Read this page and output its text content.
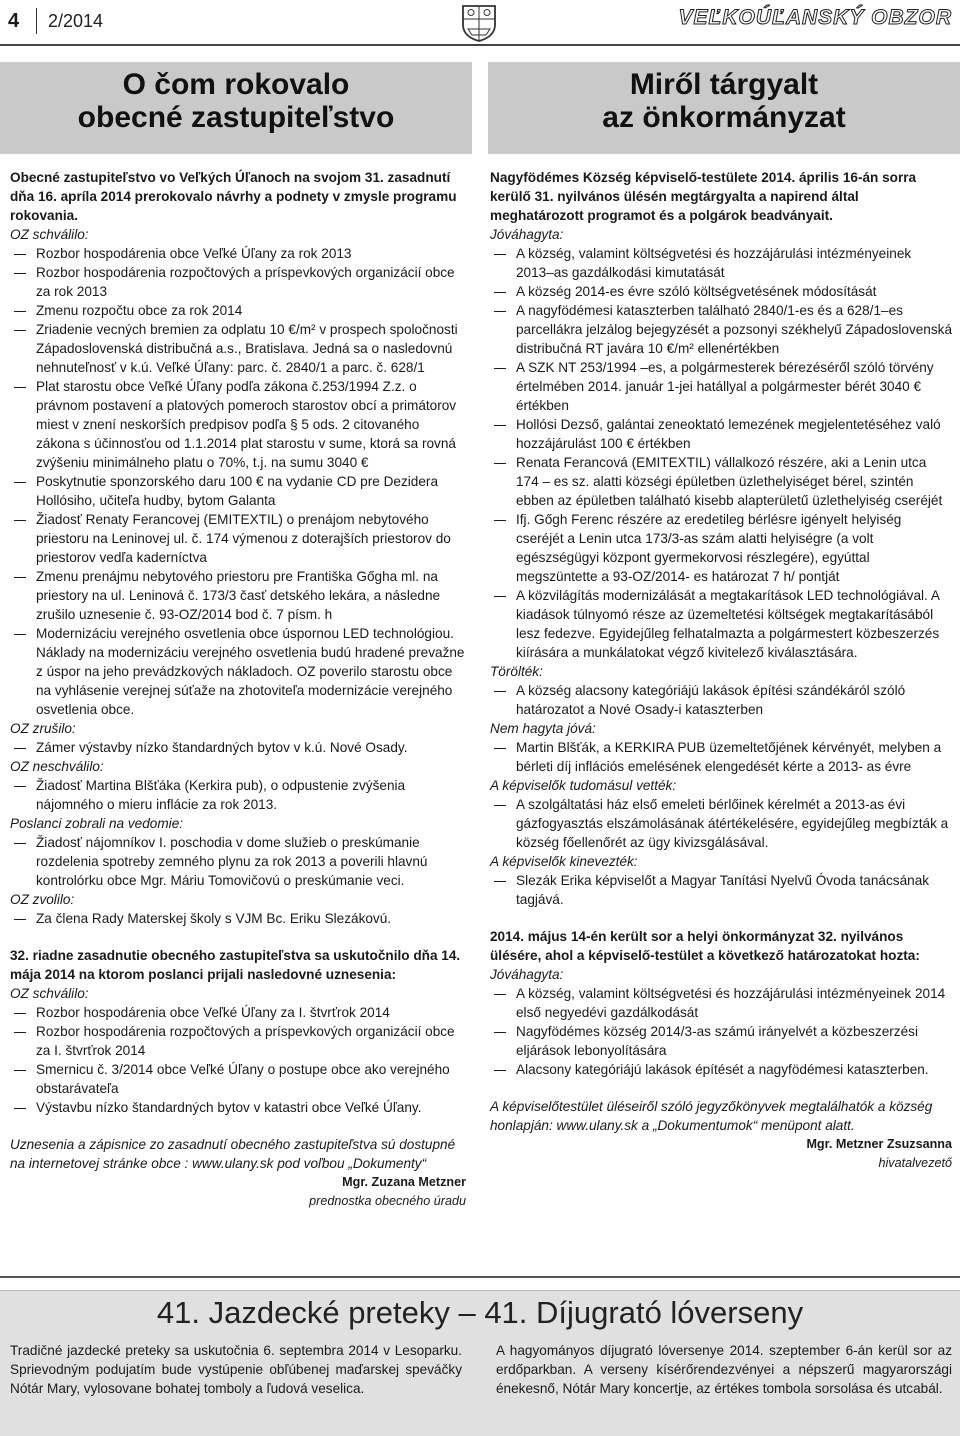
4 2/2014	VEĽKOÚĽANSKÝ OBZOR
O čom rokovalo
obecné zastupiteľstvo
Miről tárgyalt
az önkormányzat

Obecné zastupiteľstvo vo Veľkých Úľanoch na svojom 31. zasadnutí dňa 16. apríla 2014 prerokovalo návrhy a podnety v zmysle programu rokovania.

OZ schválilo:

Rozbor hospodárenia obce Veľké Úľany za rok 2013

Rozbor hospodárenia rozpočtových a príspevkových organizácií obce za rok 2013

Zmenu rozpočtu obce za rok 2014

Zriadenie vecných bremien za odplatu 10 €/m² v prospech spoločnosti Západoslovenská distribučná a.s., Bratislava. Jedná sa o nasledovnú nehnuteľnosť v k.ú. Veľké Úľany: parc. č. 2840/1 a parc. č. 628/1

Plat starostu obce Veľké Úľany podľa zákona č.253/1994 Z.z. o právnom postavení a platových pomeroch starostov obcí a primátorov miest v znení neskorších predpisov podľa § 5 ods. 2 citovaného zákona s účinnosťou od 1.1.2014 plat starostu v sume, ktorá sa rovná zvýšeniu minimálneho platu o 70%, t.j. na sumu 3040 €

Poskytnutie sponzorského daru 100 € na vydanie CD pre Dezidera Hollósiho, učiteľa hudby, bytom Galanta

Žiadosť Renaty Ferancovej (EMITEXTIL) o prenájom nebytového priestoru na Leninovej ul. č. 174 výmenou z doterajších priestorov do priestorov vedľa kaderníctva

Zmenu prenájmu nebytového priestoru pre Františka Gőgha ml. na priestory na ul. Leninová č. 173/3 časť detského lekára, a následne zrušilo uznesenie č. 93-OZ/2014 bod č. 7 písm. h

Modernizáciu verejného osvetlenia obce úspornou LED technológiou. Náklady na modernizáciu verejného osvetlenia budú hradené prevažne z úspor na jeho prevádzkových nákladoch. OZ poverilo starostu obce na vyhlásenie verejnej súťaže na zhotoviteľa modernizácie verejného osvetlenia obce.

OZ zrušilo:

Zámer výstavby nízko štandardných bytov v k.ú. Nové Osady.

OZ neschválilo:

Žiadosť Martina Blšťáka (Kerkira pub), o odpustenie zvýšenia nájomného o mieru inflácie za rok 2013.

Poslanci zobrali na vedomie:

Žiadosť nájomníkov I. poschodia v dome služieb o preskúmanie rozdelenia spotreby zemného plynu za rok 2013 a poverili hlavnú kontrolórku obce Mgr. Máriu Tomovičovú o preskúmanie veci.

OZ zvolilo:

Za člena Rady Materskej školy s VJM Bc. Eriku Slezákovú.

32. riadne zasadnutie obecného zastupiteľstva sa uskutočnilo dňa 14. mája 2014 na ktorom poslanci prijali nasledovné uznesenia:

OZ schválilo:

Rozbor hospodárenia obce Veľké Úľany za I. štvrťrok 2014

Rozbor hospodárenia rozpočtových a príspevkových organizácií obce za I. štvrťrok 2014

Smernicu č. 3/2014 obce Veľké Úľany o postupe obce ako verejného obstarávateľa

Výstavbu nízko štandardných bytov v katastri obce Veľké Úľany.

Uznesenia a zápisnice zo zasadnutí obecného zastupiteľstva sú dostupné na internetovej stránke obce : www.ulany.sk pod voľbou „Dokumenty“

Mgr. Zuzana Metzner

prednostka obecného úradu

Nagyfödémes Község képviselő-testülete 2014. április 16-án sorra kerülő 31. nyilvános ülésén megtárgyalta a napirend által meghatározott programot és a polgárok beadványait.

Jóváhagyta:

A község, valamint költségvetési és hozzájárulási intézményeinek 2013–as gazdálkodási kimutatását

A község 2014-es évre szóló költségvetésének módosítását

A nagyfödémesi kataszterben található 2840/1-es és a 628/1–es parcellákra jelzálog bejegyzését a pozsonyi székhelyű Západoslovenská distribučná RT javára 10 €/m² ellenértékben

A SZK NT 253/1994 –es, a polgármesterek bérezéséről szóló törvény értelmében 2014. január 1-jei hatállyal a polgármester bérét 3040 € értékben

Hollósi Dezső, galántai zeneoktató lemezének megjelentetéséhez való hozzájárulást 100 € értékben

Renata Ferancová (EMITEXTIL) vállalkozó részére, aki a Lenin utca 174 – es sz. alatti községi épületben üzlethelyiséget bérel, szintén ebben az épületben található kisebb alapterületű üzlethelyiség cseréjét

Ifj. Gőgh Ferenc részére az eredetileg bérlésre igényelt helyiség cseréjét a Lenin utca 173/3-as szám alatti helyiségre (a volt egészségügyi központ gyermekorvosi részlegére), egyúttal megszüntette a 93-OZ/2014- es határozat 7 h/ pontját

A közvilágítás modernizálását a megtakarítások LED technológiával. A kiadások túlnyomó része az üzemeltetési költségek megtakarításából lesz fedezve. Egyidejűleg felhatalmazta a polgármestert közbeszerzés kiírására a munkálatokat végző kivitelező kiválasztására.

Törölték:

A község alacsony kategóriájú lakások építési szándékáról szóló határozatot a Nové Osady-i kataszterben

Nem hagyta jóvá:

Martin Blšťák, a KERKIRA PUB üzemeltetőjének kérvényét, melyben a bérleti díj inflációs emelésének elengedését kérte a 2013- as évre

A képviselők tudomásul vették:

A szolgáltatási ház első emeleti bérlőinek kérelmét a 2013-as évi gázfogyasztás elszámolásának átértékelésére, egyidejűleg megbízták a község főellenőrét az ügy kivizsgálásával.

A képviselők kinevezték:

Slezák Erika képviselőt a Magyar Tanítási Nyelvű Óvoda tanácsának tagjává.

2014. május 14-én került sor a helyi önkormányzat 32. nyilvános ülésére, ahol a képviselő-testület a következő határozatokat hozta:

Jóváhagyta:

A község, valamint költségvetési és hozzájárulási intézményeinek 2014 első negyedévi gazdálkodását

Nagyfödémes község 2014/3-as számú irányelvét a közbeszerzési eljárások lebonyolítására

Alacsony kategóriájú lakások építését a nagyfödémesi kataszterben.

A képviselőtestület üléseiről szóló jegyzőkönyvek megtalálhatók a község honlapján: www.ulany.sk a „Dokumentumok“ menüpont alatt.

Mgr. Metzner Zsuzsanna

hivatalvezető

41. Jazdecké preteky – 41. Díjugrató lóverseny

Tradičné jazdecké preteky sa uskutočnia 6. septembra 2014 v Lesoparku. Sprievodným podujatím bude vystúpenie obľúbenej maďarskej speváčky Nótár Mary, vylosovane bohatej tomboly a ľudová veselica.

A hagyományos díjugrató lóversenye 2014. szeptember 6-án kerül sor az erdőparkban. A verseny kísérőrendezvényei a népszerű magyarországi énekesnő, Nótár Mary koncertje, az értékes tombola sorsolása és utcabál.
